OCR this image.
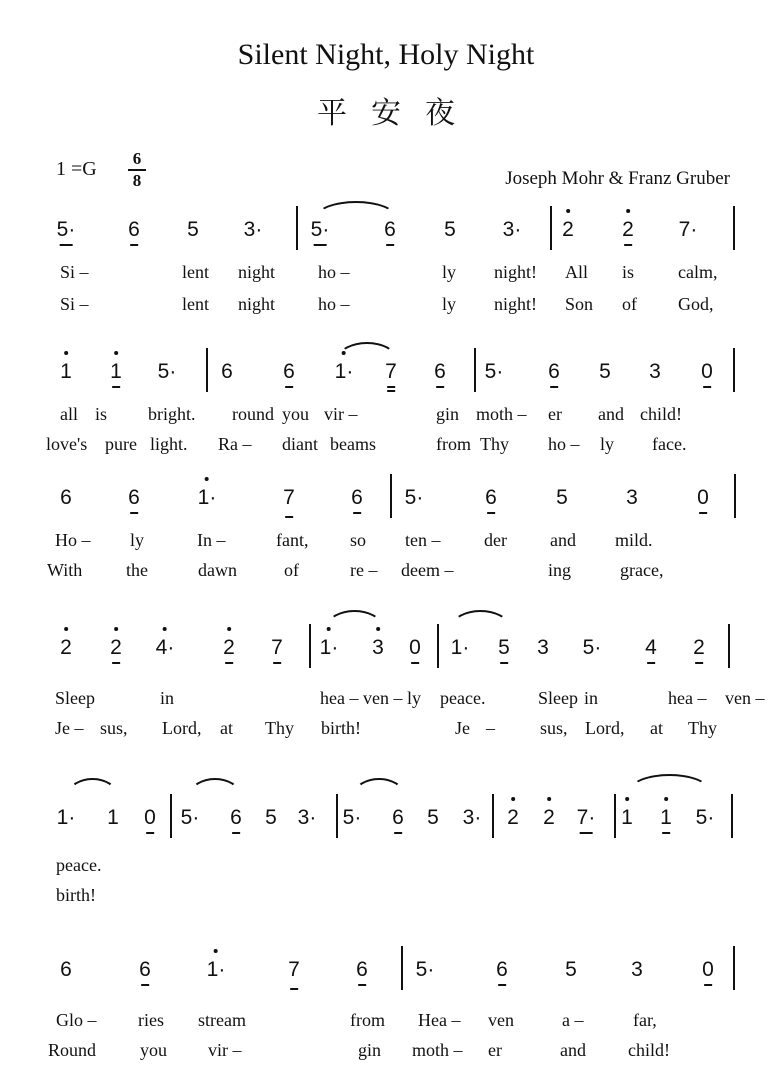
Silent Night, Holy Night
平安夜
1 =G 6
8	Joseph Mohr & Franz Gruber
5·	6 5 3· 5·	6 5 3· 2 2 7·
Si –	lent night ho –	ly night! All is calm,
Si –	lent night ho –	ly night! Son of God,
1 1 5· 6 6 1· 7 6 5· 6 5 3 0
all is bright. round you vir –	gin moth – er and child!
love's pure light. Ra – diant beams	from Thy ho – ly face.
6	6	1·	7	6 5·	6	5	3	0
Ho – ly	In –	fant, so ten – der and mild.
With the	dawn	of	re – deem –	ing	grace,
2 2 4· 2 7 1· 3 0 1· 5 3 5· 4 2
Sleep	in	hea – ven – ly peace.	Sleep in	hea – ven –
Je – sus, Lord, at Thy birth!	Je –	sus, Lord, at Thy
1· 1 0 5· 6 5 3· 5· 6 5 3· 2 2 7· 1 1 5·
peace.
birth!
6	6	1·	7	6 5·	6	5	3	0
Glo – ries stream	from Hea – ven	a –	far,
Round you vir –	gin moth – er	and child!
